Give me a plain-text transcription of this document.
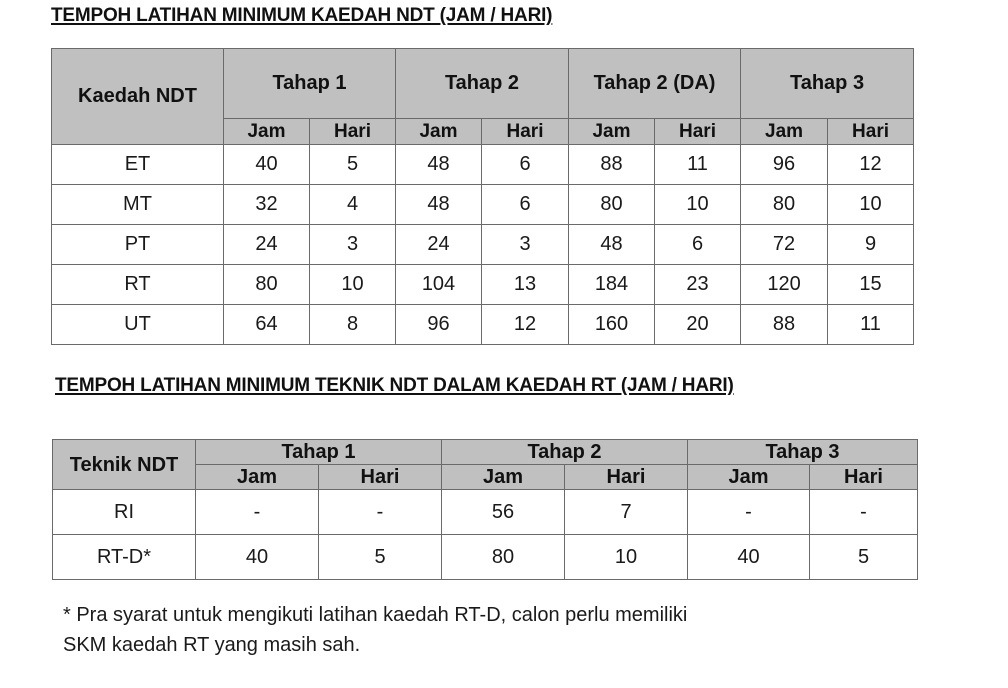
TEMPOH LATIHAN MINIMUM KAEDAH NDT (JAM / HARI)
Kaedah NDT	Tahap 1		Tahap 2		Tahap 2 (DA)		Tahap 3	
	Jam	Hari	Jam	Hari	Jam	Hari	Jam	Hari
ET	40	5	48	6	88	11	96	12
MT	32	4	48	6	80	10	80	10
PT	24	3	24	3	48	6	72	9
RT	80	10	104	13	184	23	120	15
UT	64	8	96	12	160	20	88	11
TEMPOH LATIHAN MINIMUM TEKNIK NDT DALAM KAEDAH RT (JAM / HARI)
Teknik NDT	Tahap 1		Tahap 2		Tahap 3	
	Jam	Hari	Jam	Hari	Jam	Hari
RI	-	-	56	7	-	-
RT-D*	40	5	80	10	40	5
* Pra syarat untuk mengikuti latihan kaedah RT-D, calon perlu memiliki
SKM kaedah RT yang masih sah.
